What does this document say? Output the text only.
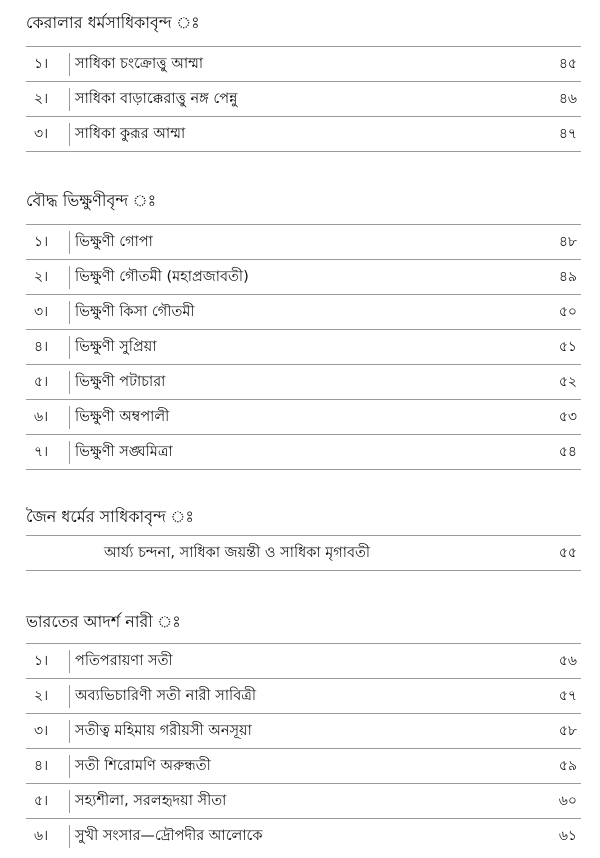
কেরালার ধর্মসাধিকাবৃন্দ ঃ
১।	সাধিকা চংক্রোত্তু আম্মা	৪৫
২।	সাধিকা বাড়াক্কেরাত্তু নঙ্গ পেন্নু	৪৬
৩।	সাধিকা কুরূর আম্মা	৪৭
বৌদ্ধ ভিক্ষুণীবৃন্দ ঃ
১।	ভিক্ষুণী গোপা	৪৮
২।	ভিক্ষুণী গৌতমী (মহাপ্রজাবতী)	৪৯
৩।	ভিক্ষুণী কিসা গৌতমী	৫০
৪।	ভিক্ষুণী সুপ্রিয়া	৫১
৫।	ভিক্ষুণী পটাচারা	৫২
৬।	ভিক্ষুণী অম্বপালী	৫৩
৭।	ভিক্ষুণী সঙ্ঘমিত্রা	৫৪
জৈন ধর্মের সাধিকাবৃন্দ ঃ
আর্য্য চন্দনা, সাধিকা জয়ন্তী ও সাধিকা মৃগাবতী	৫৫
ভারতের আদর্শ নারী ঃ
১।	পতিপরায়ণা সতী	৫৬
২।	অব্যভিচারিণী সতী নারী সাবিত্রী	৫৭
৩।	সতীত্ব মহিমায় গরীয়সী অনসূয়া	৫৮
৪।	সতী শিরোমণি অরুন্ধতী	৫৯
৫।	সহ্যশীলা, সরলহৃদয়া সীতা	৬০
৬।	সুখী সংসার—দ্রৌপদীর আলোকে	৬১
